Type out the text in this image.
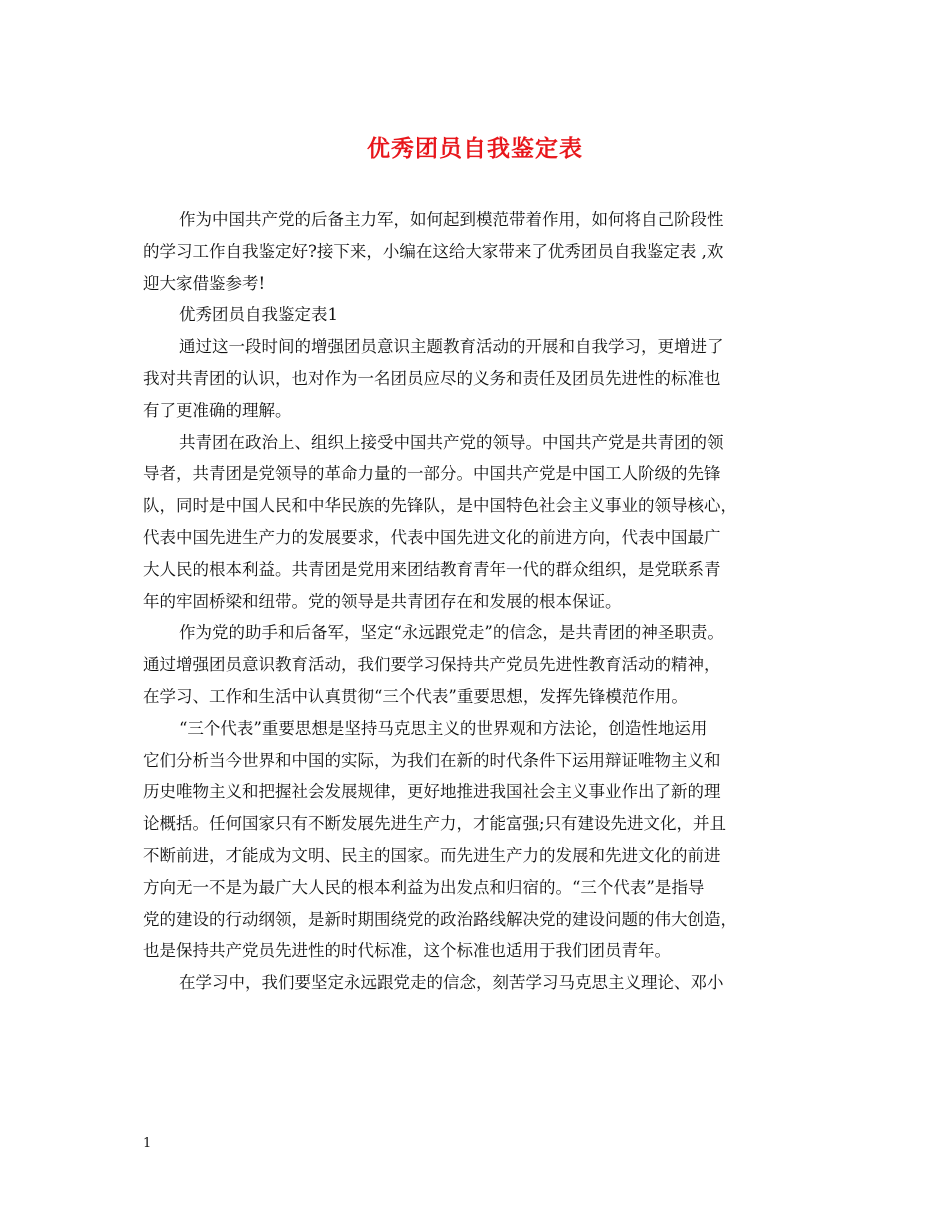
优秀团员自我鉴定表
作为中国共产党的后备主力军，如何起到模范带着作用，如何将自己阶段性
的学习工作自我鉴定好?接下来，小编在这给大家带来了优秀团员自我鉴定表 ,欢
迎大家借鉴参考!
优秀团员自我鉴定表1
通过这一段时间的增强团员意识主题教育活动的开展和自我学习，更增进了
我对共青团的认识，也对作为一名团员应尽的义务和责任及团员先进性的标准也
有了更准确的理解。
共青团在政治上、组织上接受中国共产党的领导。中国共产党是共青团的领
导者，共青团是党领导的革命力量的一部分。中国共产党是中国工人阶级的先锋
队，同时是中国人民和中华民族的先锋队，是中国特色社会主义事业的领导核心，
代表中国先进生产力的发展要求，代表中国先进文化的前进方向，代表中国最广
大人民的根本利益。共青团是党用来团结教育青年一代的群众组织，是党联系青
年的牢固桥梁和纽带。党的领导是共青团存在和发展的根本保证。
作为党的助手和后备军，坚定“永远跟党走”的信念，是共青团的神圣职责。
通过增强团员意识教育活动，我们要学习保持共产党员先进性教育活动的精神，
在学习、工作和生活中认真贯彻“三个代表”重要思想，发挥先锋模范作用。
“三个代表”重要思想是坚持马克思主义的世界观和方法论，创造性地运用
它们分析当今世界和中国的实际，为我们在新的时代条件下运用辩证唯物主义和
历史唯物主义和把握社会发展规律，更好地推进我国社会主义事业作出了新的理
论概括。任何国家只有不断发展先进生产力，才能富强;只有建设先进文化，并且
不断前进，才能成为文明、民主的国家。而先进生产力的发展和先进文化的前进
方向无一不是为最广大人民的根本利益为出发点和归宿的。“三个代表”是指导
党的建设的行动纲领，是新时期围绕党的政治路线解决党的建设问题的伟大创造，
也是保持共产党员先进性的时代标准，这个标准也适用于我们团员青年。
在学习中，我们要坚定永远跟党走的信念，刻苦学习马克思主义理论、邓小
1
